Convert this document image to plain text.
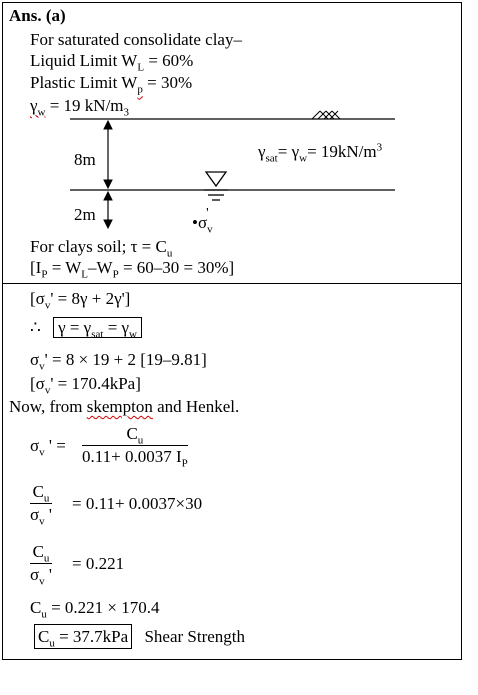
Ans. (a)
For saturated consolidate clay–
Liquid Limit $W_L = 60\%$
Plastic Limit $W_p = 30\%$
$\gamma_w = 19$ $kN/m_3$
8m
2m
$\gamma_{sat}= \gamma_w= 19kN/m^3$
•σ '
$_v$
For clays soil; $\tau = C_u$
$[I_P = W_L-W_P = 60-30 = 30\%]$
$[\sigma_v' = 8\gamma + 2\gamma']$
∴ $\gamma = \gamma_{sat} = \gamma_w$
$\sigma_v' = 8 \times 19 + 2$ [19–9.81]
$[\sigma_v' = 170.4kPa]$
Now, from skempton and Henkel.
$\sigma_v$ ' = $\frac{C_u}{0.11+ 0.0037 I_P}$
$\frac{C_u}{\sigma_v '} = 0.11+ 0.0037\times 30$
$\frac{C_u}{\sigma_v '} = 0.221$
$C_u = 0.221 \times 170.4$
$C_u = 37.7kPa$ Shear Strength
